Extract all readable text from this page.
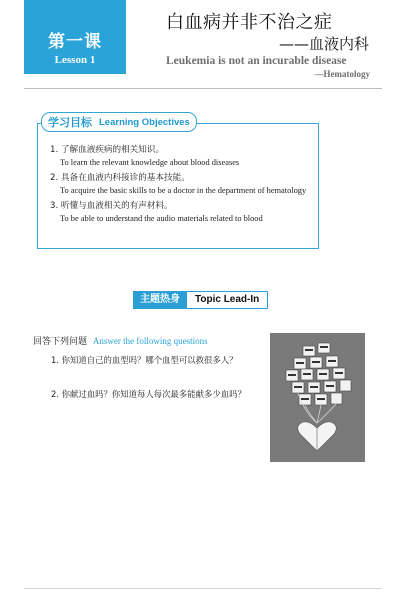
第一课
Lesson 1
白血病并非不治之症
——血液内科
Leukemia is not an incurable disease
—Hematology
学习目标 Learning Objectives
1. 了解血液疾病的相关知识。
To learn the relevant knowledge about blood diseases
2. 具备在血液内科接诊的基本技能。
To acquire the basic skills to be a doctor in the department of hematology
3. 听懂与血液相关的有声材料。
To be able to understand the audio materials related to blood
主题热身	Topic Lead-In
回答下列问题 Answer the following questions
1. 你知道自己的血型吗？哪个血型可以救很多人？
2. 你献过血吗？你知道每人每次最多能献多少血吗？
